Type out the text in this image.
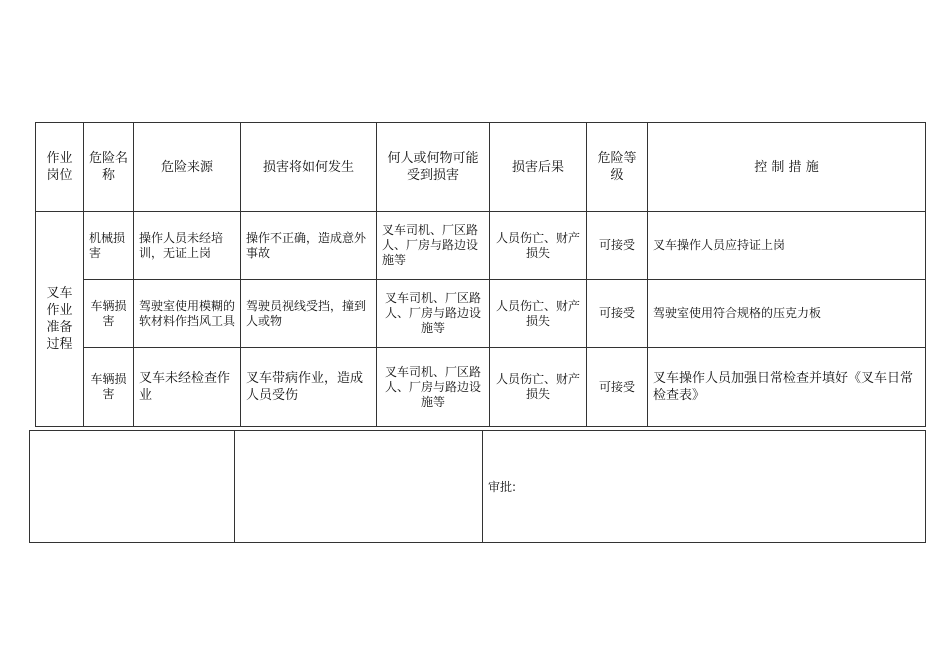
作业岗位	危险名称	危险来源	损害将如何发生	何人或何物可能受到损害	损害后果	危险等级	控 制 措 施
叉车作业准备过程	机械损害	操作人员未经培训，无证上岗	操作不正确，造成意外事故	叉车司机、厂区路人、厂房与路边设施等	人员伤亡、财产损失	可接受	叉车操作人员应持证上岗
	车辆损害	驾驶室使用模糊的软材料作挡风工具	驾驶员视线受挡，撞到人或物	叉车司机、厂区路人、厂房与路边设施等	人员伤亡、财产损失	可接受	驾驶室使用符合规格的压克力板
	车辆损害	叉车未经检查作业	叉车带病作业，造成人员受伤	叉车司机、厂区路人、厂房与路边设施等	人员伤亡、财产损失	可接受	叉车操作人员加强日常检查并填好《叉车日常检查表》
		审批:
